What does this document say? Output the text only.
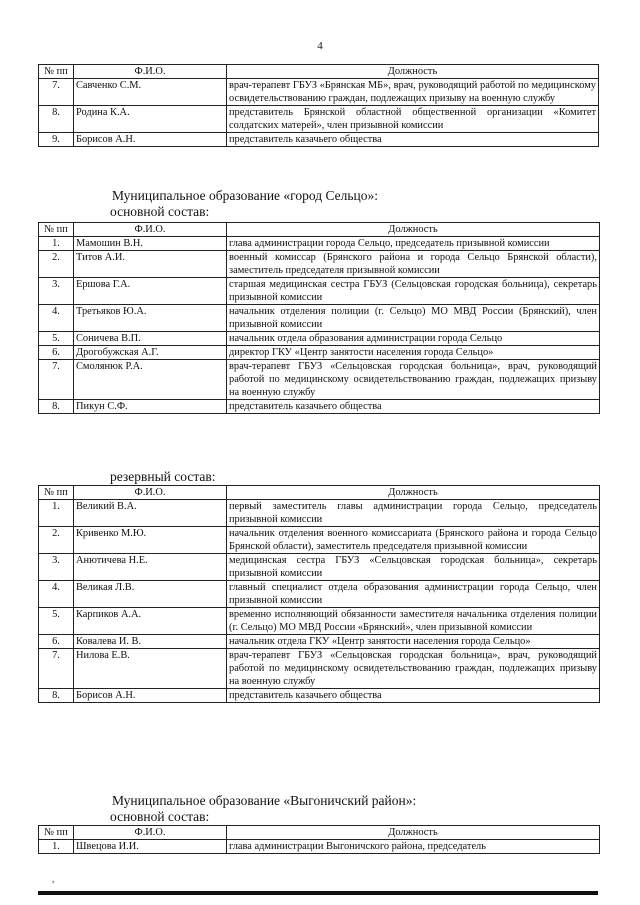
4
№ пп	Ф.И.О.	Должность
7.	Савченко С.М.	врач-терапевт ГБУЗ «Брянская МБ», врач, руководящий работой по медицинскому освидетельствованию граждан, подлежащих призыву на военную службу
8.	Родина К.А.	представитель Брянской областной общественной организации «Комитет солдатских матерей», член призывной комиссии
9.	Борисов А.Н.	представитель казачьего общества
Муниципальное образование «город Сельцо»:
основной состав:
№ пп	Ф.И.О.	Должность
1.	Мамошин В.Н.	глава администрации города Сельцо, председатель призывной комиссии
2.	Титов А.И.	военный комиссар (Брянского района и города Сельцо Брянской области), заместитель председателя призывной комиссии
3.	Ершова Г.А.	старшая медицинская сестра ГБУЗ (Сельцовская городская больница), секретарь призывной комиссии
4.	Третьяков Ю.А.	начальник отделения полиции (г. Сельцо) МО МВД России (Брянский), член призывной комиссии
5.	Соничева В.П.	начальник отдела образования администрации города Сельцо
6.	Дрогобужская А.Г.	директор ГКУ «Центр занятости населения города Сельцо»
7.	Смолянюк Р.А.	врач-терапевт ГБУЗ «Сельцовская городская больница», врач, руководящий работой по медицинскому освидетельствованию граждан, подлежащих призыву на военную службу
8.	Пикун С.Ф.	представитель казачьего общества
резервный состав:
№ пп	Ф.И.О.	Должность
1.	Великий В.А.	первый заместитель главы администрации города Сельцо, председатель призывной комиссии
2.	Кривенко М.Ю.	начальник отделения военного комиссариата (Брянского района и города Сельцо Брянской области), заместитель председателя призывной комиссии
3.	Анютичева Н.Е.	медицинская сестра ГБУЗ «Сельцовская городская больница», секретарь призывной комиссии
4.	Великая Л.В.	главный специалист отдела образования администрации города Сельцо, член призывной комиссии
5.	Карпиков А.А.	временно исполняющий обязанности заместителя начальника отделения полиции (г. Сельцо) МО МВД России «Брянский», член призывной комиссии
6.	Ковалева И. В.	начальник отдела ГКУ «Центр занятости населения города Сельцо»
7.	Нилова Е.В.	врач-терапевт ГБУЗ «Сельцовская городская больница», врач, руководящий работой по медицинскому освидетельствованию граждан, подлежащих призыву на военную службу
8.	Борисов А.Н.	представитель казачьего общества
Муниципальное образование «Выгоничский район»:
основной состав:
№ пп	Ф.И.О.	Должность
1.	Швецова И.И.	глава администрации Выгоничского района, председатель
,
